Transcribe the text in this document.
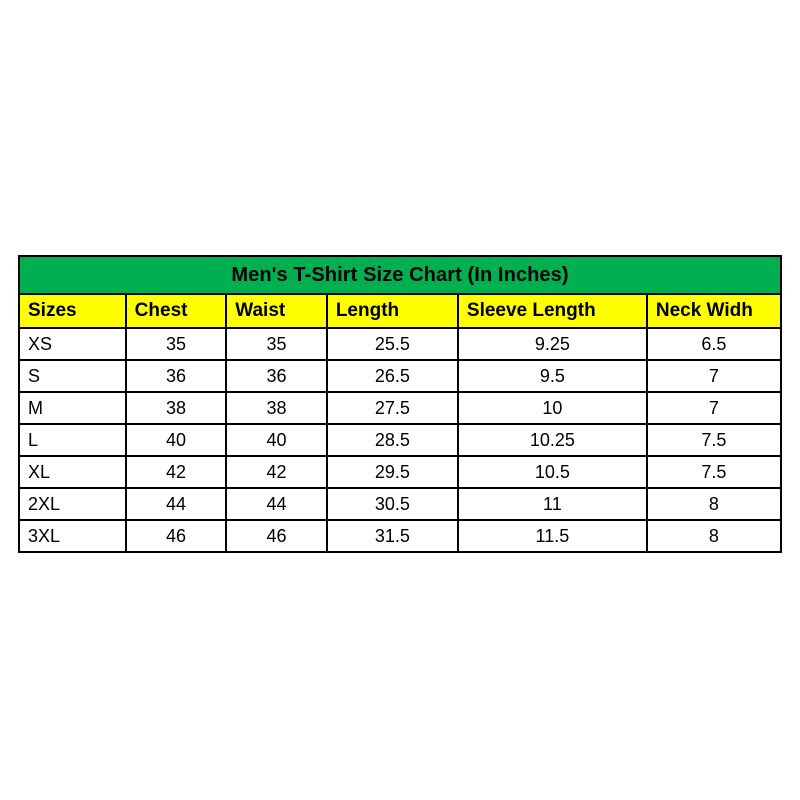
Men's T-Shirt Size Chart (In Inches)					
Sizes	Chest	Waist	Length	Sleeve Length	Neck Widh
XS	35	35	25.5	9.25	6.5
S	36	36	26.5	9.5	7
M	38	38	27.5	10	7
L	40	40	28.5	10.25	7.5
XL	42	42	29.5	10.5	7.5
2XL	44	44	30.5	11	8
3XL	46	46	31.5	11.5	8
